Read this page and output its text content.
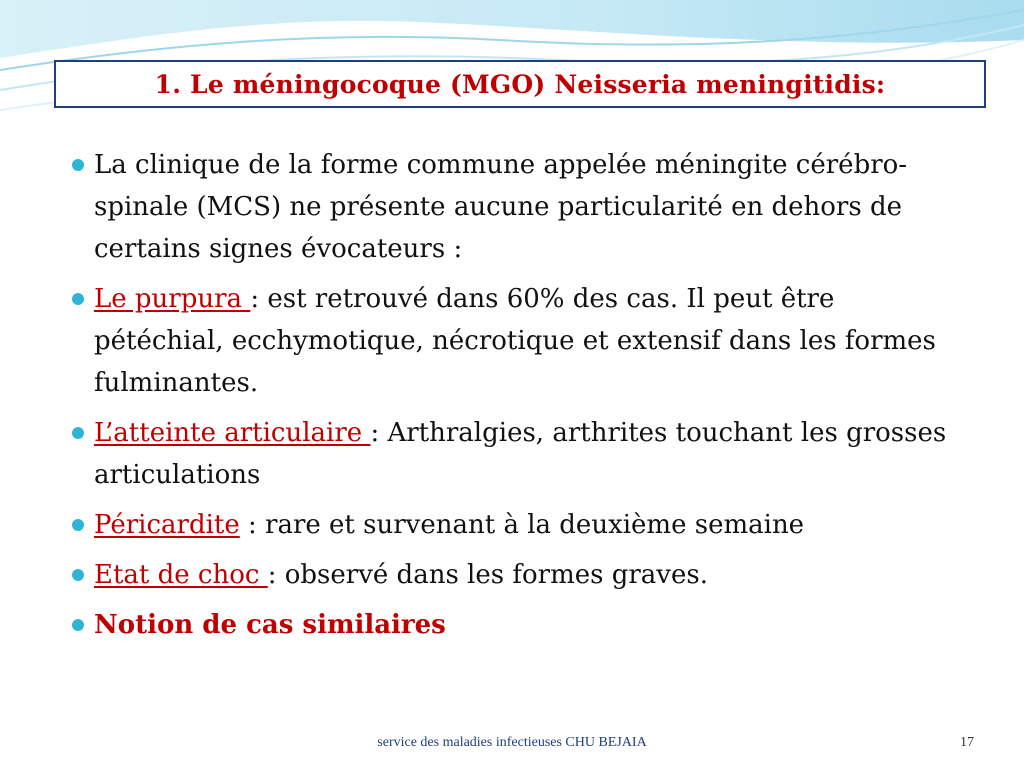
1. Le méningocoque (MGO) Neisseria meningitidis:
La clinique de la forme commune appelée méningite cérébro-spinale (MCS) ne présente aucune particularité en dehors de certains signes évocateurs :
Le purpura : est retrouvé dans 60% des cas. Il peut être pétéchial, ecchymotique, nécrotique et extensif dans les formes fulminantes.
L’atteinte articulaire : Arthralgies, arthrites touchant les grosses articulations
Péricardite : rare et survenant à la deuxième semaine
Etat de choc : observé dans les formes graves.
Notion de cas similaires
service des maladies infectieuses CHU BEJAIA	17
